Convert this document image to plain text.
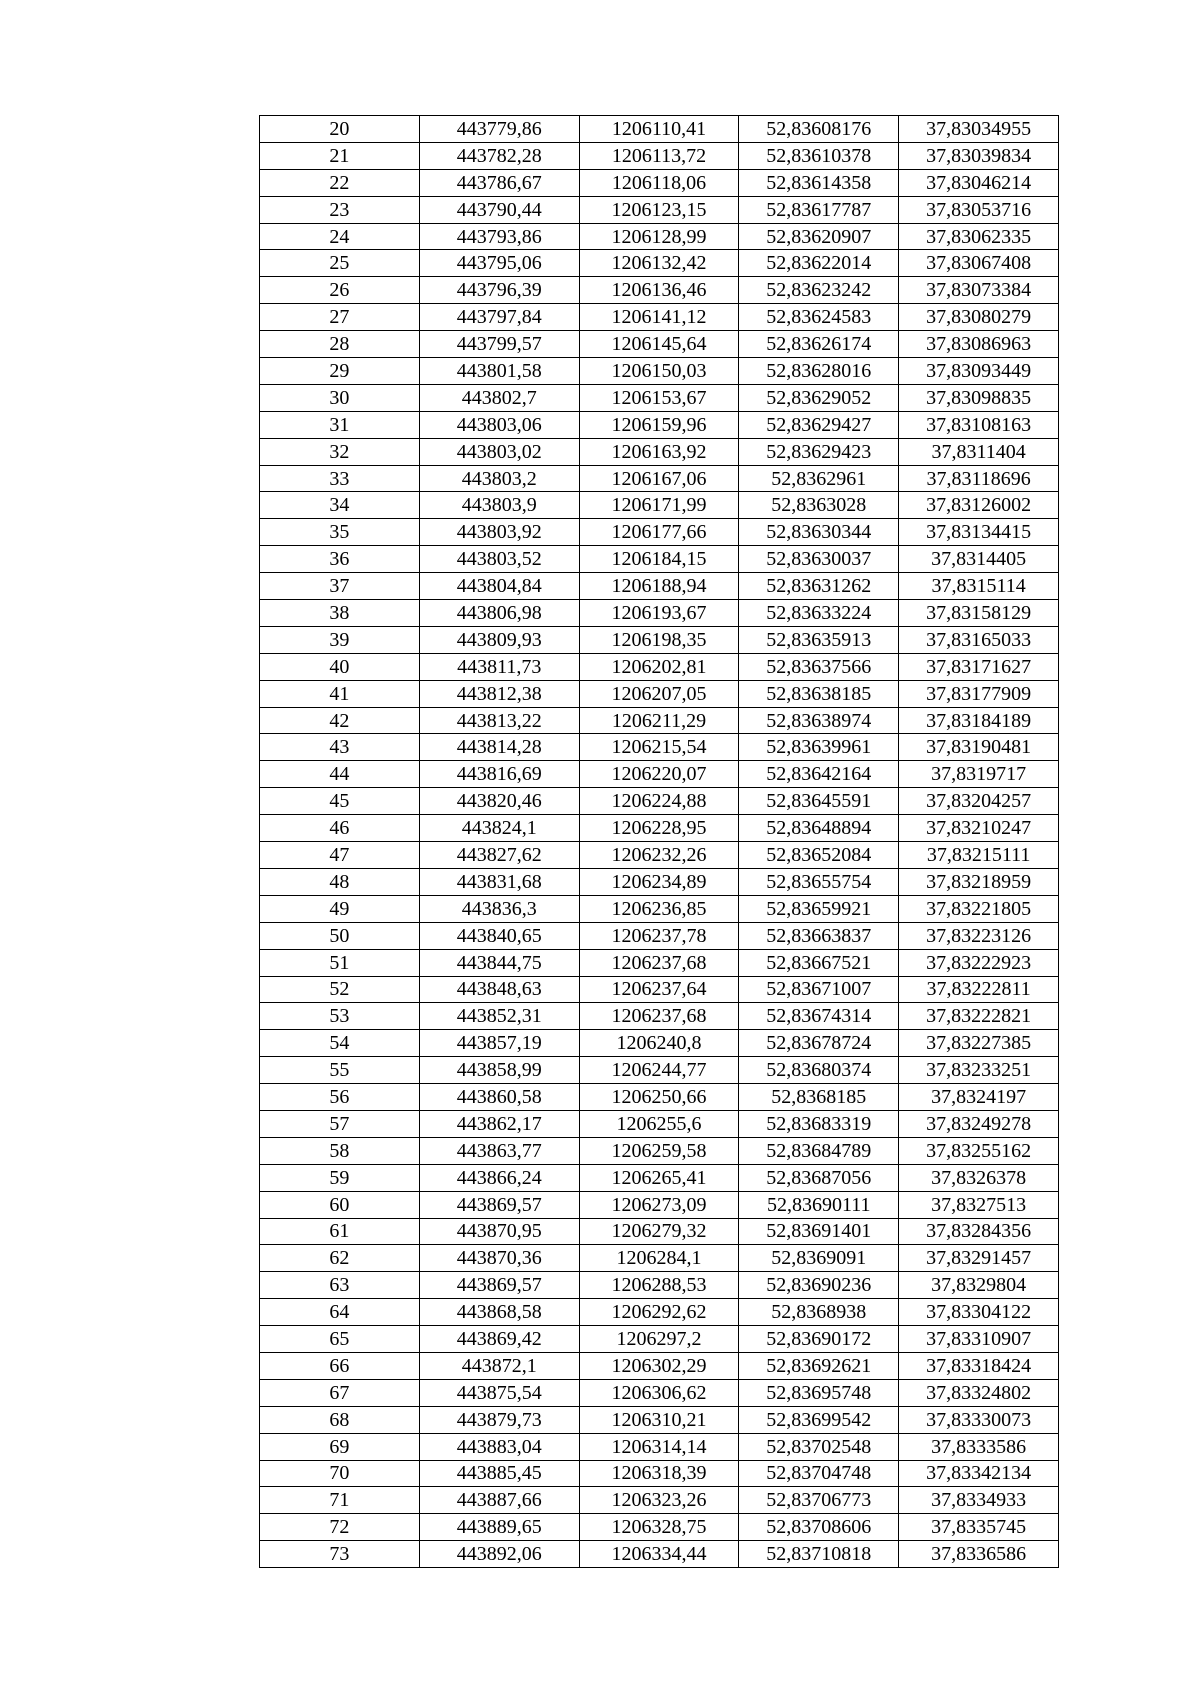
20	443779,86	1206110,41	52,83608176	37,83034955
21	443782,28	1206113,72	52,83610378	37,83039834
22	443786,67	1206118,06	52,83614358	37,83046214
23	443790,44	1206123,15	52,83617787	37,83053716
24	443793,86	1206128,99	52,83620907	37,83062335
25	443795,06	1206132,42	52,83622014	37,83067408
26	443796,39	1206136,46	52,83623242	37,83073384
27	443797,84	1206141,12	52,83624583	37,83080279
28	443799,57	1206145,64	52,83626174	37,83086963
29	443801,58	1206150,03	52,83628016	37,83093449
30	443802,7	1206153,67	52,83629052	37,83098835
31	443803,06	1206159,96	52,83629427	37,83108163
32	443803,02	1206163,92	52,83629423	37,8311404
33	443803,2	1206167,06	52,8362961	37,83118696
34	443803,9	1206171,99	52,8363028	37,83126002
35	443803,92	1206177,66	52,83630344	37,83134415
36	443803,52	1206184,15	52,83630037	37,8314405
37	443804,84	1206188,94	52,83631262	37,8315114
38	443806,98	1206193,67	52,83633224	37,83158129
39	443809,93	1206198,35	52,83635913	37,83165033
40	443811,73	1206202,81	52,83637566	37,83171627
41	443812,38	1206207,05	52,83638185	37,83177909
42	443813,22	1206211,29	52,83638974	37,83184189
43	443814,28	1206215,54	52,83639961	37,83190481
44	443816,69	1206220,07	52,83642164	37,8319717
45	443820,46	1206224,88	52,83645591	37,83204257
46	443824,1	1206228,95	52,83648894	37,83210247
47	443827,62	1206232,26	52,83652084	37,83215111
48	443831,68	1206234,89	52,83655754	37,83218959
49	443836,3	1206236,85	52,83659921	37,83221805
50	443840,65	1206237,78	52,83663837	37,83223126
51	443844,75	1206237,68	52,83667521	37,83222923
52	443848,63	1206237,64	52,83671007	37,83222811
53	443852,31	1206237,68	52,83674314	37,83222821
54	443857,19	1206240,8	52,83678724	37,83227385
55	443858,99	1206244,77	52,83680374	37,83233251
56	443860,58	1206250,66	52,8368185	37,8324197
57	443862,17	1206255,6	52,83683319	37,83249278
58	443863,77	1206259,58	52,83684789	37,83255162
59	443866,24	1206265,41	52,83687056	37,8326378
60	443869,57	1206273,09	52,83690111	37,8327513
61	443870,95	1206279,32	52,83691401	37,83284356
62	443870,36	1206284,1	52,8369091	37,83291457
63	443869,57	1206288,53	52,83690236	37,8329804
64	443868,58	1206292,62	52,8368938	37,83304122
65	443869,42	1206297,2	52,83690172	37,83310907
66	443872,1	1206302,29	52,83692621	37,83318424
67	443875,54	1206306,62	52,83695748	37,83324802
68	443879,73	1206310,21	52,83699542	37,83330073
69	443883,04	1206314,14	52,83702548	37,8333586
70	443885,45	1206318,39	52,83704748	37,83342134
71	443887,66	1206323,26	52,83706773	37,8334933
72	443889,65	1206328,75	52,83708606	37,8335745
73	443892,06	1206334,44	52,83710818	37,8336586
